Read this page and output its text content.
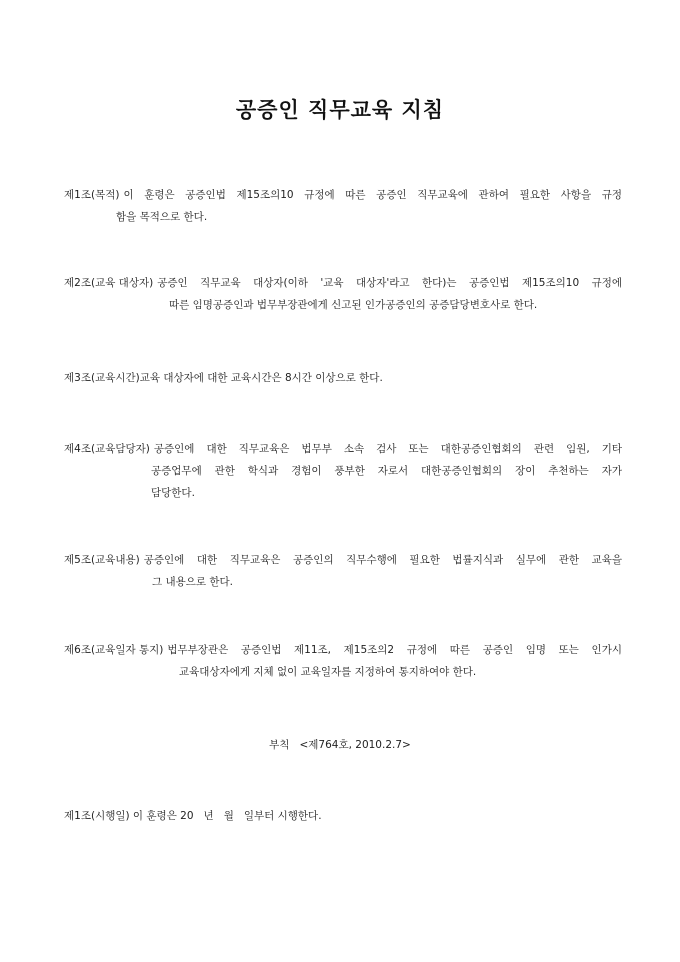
공증인 직무교육 지침
제1조(목적) 이 훈령은 공증인법 제15조의10 규정에 따른 공증인 직무교육에 관하여 필요한 사항을 규정
함을 목적으로 한다.
제2조(교육 대상자) 공증인 직무교육 대상자(이하 '교육 대상자'라고 한다)는 공증인법 제15조의10 규정에
따른 임명공증인과 법무부장관에게 신고된 인가공증인의 공증담당변호사로 한다.
제3조(교육시간) 교육 대상자에 대한 교육시간은 8시간 이상으로 한다.
제4조(교육담당자) 공증인에 대한 직무교육은 법무부 소속 검사 또는 대한공증인협회의 관련 임원, 기타
공증업무에 관한 학식과 경험이 풍부한 자로서 대한공증인협회의 장이 추천하는 자가
담당한다.
제5조(교육내용) 공증인에 대한 직무교육은 공증인의 직무수행에 필요한 법률지식과 실무에 관한 교육을
그 내용으로 한다.
제6조(교육일자 통지) 법무부장관은 공증인법 제11조, 제15조의2 규정에 따른 공증인 임명 또는 인가시
교육대상자에게 지체 없이 교육일자를 지정하여 통지하여야 한다.
부칙   <제764호, 2010.2.7>
제1조(시행일) 이 훈령은 20   년   월   일부터 시행한다.
